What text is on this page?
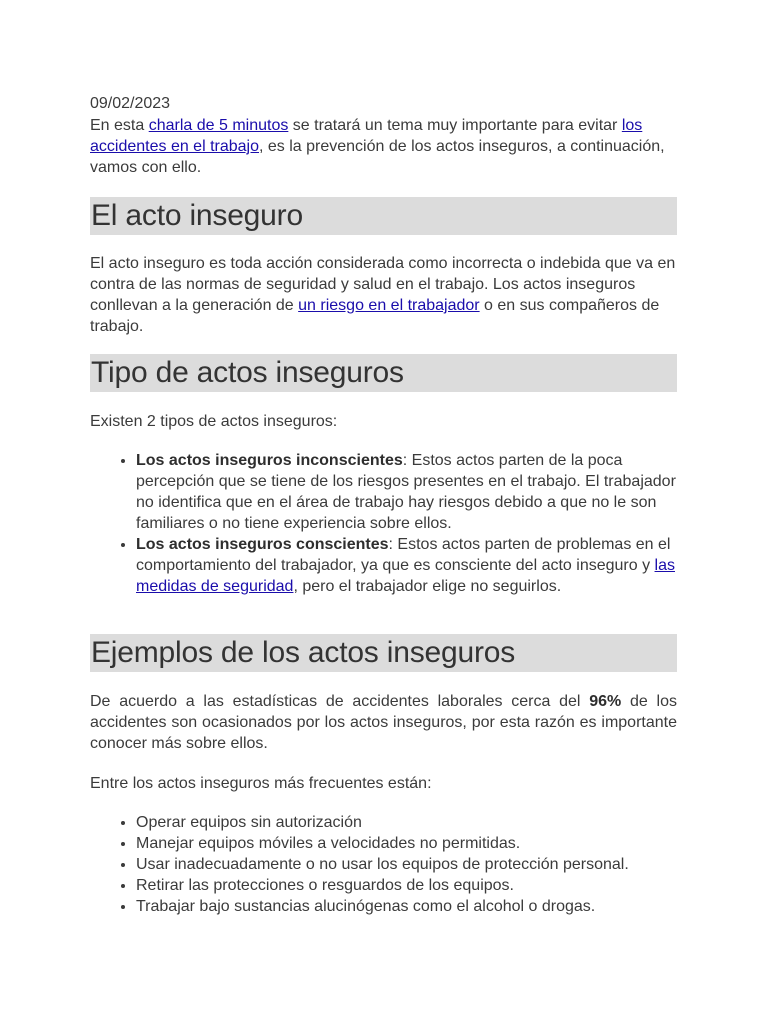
09/02/2023

En esta charla de 5 minutos se tratará un tema muy importante para evitar los accidentes en el trabajo, es la prevención de los actos inseguros, a continuación, vamos con ello.

El acto inseguro

El acto inseguro es toda acción considerada como incorrecta o indebida que va en contra de las normas de seguridad y salud en el trabajo. Los actos inseguros conllevan a la generación de un riesgo en el trabajador o en sus compañeros de trabajo.

Tipo de actos inseguros

Existen 2 tipos de actos inseguros:

• Los actos inseguros inconscientes: Estos actos parten de la poca percepción que se tiene de los riesgos presentes en el trabajo. El trabajador no identifica que en el área de trabajo hay riesgos debido a que no le son familiares o no tiene experiencia sobre ellos.
• Los actos inseguros conscientes: Estos actos parten de problemas en el comportamiento del trabajador, ya que es consciente del acto inseguro y las medidas de seguridad, pero el trabajador elige no seguirlos.
Ejemplos de los actos inseguros

De acuerdo a las estadísticas de accidentes laborales cerca del 96% de los accidentes son ocasionados por los actos inseguros, por esta razón es importante conocer más sobre ellos.

Entre los actos inseguros más frecuentes están:

• Operar equipos sin autorización
• Manejar equipos móviles a velocidades no permitidas.
• Usar inadecuadamente o no usar los equipos de protección personal.
• Retirar las protecciones o resguardos de los equipos.
• Trabajar bajo sustancias alucinógenas como el alcohol o drogas.
